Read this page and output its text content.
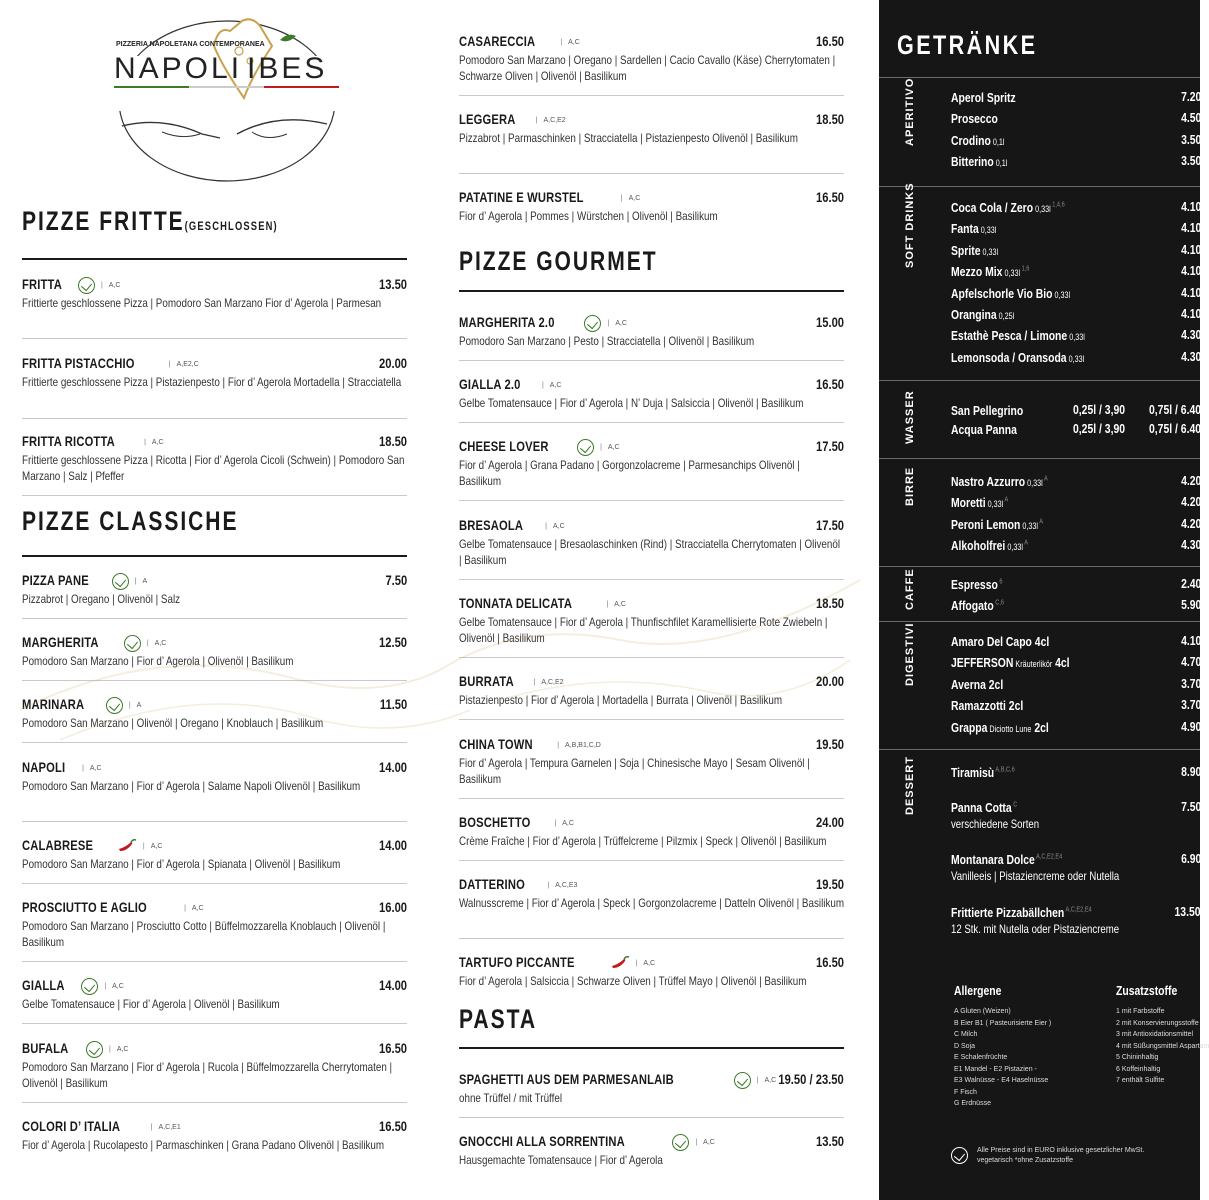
PIZZERIA NAPOLETANA CONTEMPORANEA
NAPOLI IBES
PIZZE FRITTE(GESCHLOSSEN)
FRITTA	| A,C	13.50
Frittierte geschlossene Pizza | Pomodoro San Marzano Fior d’ Agerola | Parmesan
FRITTA PISTACCHIO	| A,E2,C	20.00
Frittierte geschlossene Pizza | Pistazienpesto | Fior d’ Agerola Mortadella | Stracciatella
FRITTA RICOTTA	| A,C	18.50
Frittierte geschlossene Pizza | Ricotta | Fior d’ Agerola Cicoli (Schwein) | Pomodoro San Marzano | Salz | Pfeffer
PIZZE CLASSICHE
PIZZA PANE	| A	7.50
Pizzabrot | Oregano | Olivenöl | Salz
MARGHERITA	| A,C	12.50
Pomodoro San Marzano | Fior d’ Agerola | Olivenöl | Basilikum
MARINARA	| A	11.50
Pomodoro San Marzano | Olivenöl | Oregano | Knoblauch | Basilikum
NAPOLI	| A,C	14.00
Pomodoro San Marzano | Fior d’ Agerola | Salame Napoli Olivenöl | Basilikum
CALABRESE	| A,C	14.00
Pomodoro San Marzano | Fior d’ Agerola | Spianata | Olivenöl | Basilikum
PROSCIUTTO E AGLIO	| A,C	16.00
Pomodoro San Marzano | Prosciutto Cotto | Büffelmozzarella Knoblauch | Olivenöl | Basilikum
GIALLA	| A,C	14.00
Gelbe Tomatensauce | Fior d’ Agerola | Olivenöl | Basilikum
BUFALA	| A,C	16.50
Pomodoro San Marzano | Fior d’ Agerola | Rucola | Büffelmozzarella Cherrytomaten | Olivenöl | Basilikum
COLORI D’ ITALIA	| A,C,E1	16.50
Fior d’ Agerola | Rucolapesto | Parmaschinken | Grana Padano Olivenöl | Basilikum
CASARECCIA	| A,C	16.50
Pomodoro San Marzano | Oregano | Sardellen | Cacio Cavallo (Käse) Cherrytomaten | Schwarze Oliven | Olivenöl | Basilikum
LEGGERA	| A,C,E2	18.50
Pizzabrot | Parmaschinken | Stracciatella | Pistazienpesto Olivenöl | Basilikum
PATATINE E WURSTEL	| A,C	16.50
Fior d’ Agerola | Pommes | Würstchen | Olivenöl | Basilikum
PIZZE GOURMET
MARGHERITA 2.0	| A,C	15.00
Pomodoro San Marzano | Pesto | Stracciatella | Olivenöl | Basilikum
GIALLA 2.0	| A,C	16.50
Gelbe Tomatensauce | Fior d’ Agerola | N’ Duja | Salsiccia | Olivenöl | Basilikum
CHEESE LOVER	| A,C	17.50
Fior d’ Agerola | Grana Padano | Gorgonzolacreme | Parmesanchips Olivenöl | Basilikum
BRESAOLA	| A,C	17.50
Gelbe Tomatensauce | Bresaolaschinken (Rind) | Stracciatella Cherrytomaten | Olivenöl | Basilikum
TONNATA DELICATA	| A,C	18.50
Gelbe Tomatensauce | Fior d’ Agerola | Thunfischfilet Karamellisierte Rote Zwiebeln | Olivenöl | Basilikum
BURRATA	| A,C,E2	20.00
Pistazienpesto | Fior d’ Agerola | Mortadella | Burrata | Olivenöl | Basilikum
CHINA TOWN	| A,B,B1,C,D	19.50
Fior d’ Agerola | Tempura Garnelen | Soja | Chinesische Mayo | Sesam Olivenöl | Basilikum
BOSCHETTO	| A,C	24.00
Crème Fraîche | Fior d’ Agerola | Trüffelcreme | Pilzmix | Speck | Olivenöl | Basilikum
DATTERINO	| A,C,E3	19.50
Walnusscreme | Fior d’ Agerola | Speck | Gorgonzolacreme | Datteln Olivenöl | Basilikum
TARTUFO PICCANTE	| A,C	16.50
Fior d’ Agerola | Salsiccia | Schwarze Oliven | Trüffel Mayo | Olivenöl | Basilikum
PASTA
SPAGHETTI AUS DEM PARMESANLAIB	| A,C 19.50 / 23.50
ohne Trüffel / mit Trüffel
GNOCCHI ALLA SORRENTINA	| A,C	13.50
Hausgemachte Tomatensauce | Fior d’ Agerola
GETRÄNKE
APERITIVO	Aperol Spritz	7.20
Prosecco	4.50
Crodino 0,1l	3.50
Bitterino 0,1l	3.50
SOFT DRINKS	Coca Cola / Zero 0,33l $^{1,4,6}$	4.10
Fanta 0,33l	4.10
Sprite 0,33l	4.10
Mezzo Mix 0,33l $^{1,6}$	4.10
Apfelschorle Vio Bio 0,33l	4.10
Orangina 0,25l	4.10
Estathè Pesca / Limone 0,33l	4.30
Lemonsoda / Oransoda 0,33l	4.30
WASSER	San Pellegrino	0,25l / 3,90 0,75l / 6.40
Acqua Panna	0,25l / 3,90 0,75l / 6.40
BIRRE	Nastro Azzurro 0,33l $^A$	4.20
Moretti 0,33l $^A$	4.20
Peroni Lemon 0,33l $^A$	4.20
Alkoholfrei 0,33l $^A$	4.30
CAFFE	Espresso $^6$	2.40
Affogato $^{C,6}$	5.90
DIGESTIVI	Amaro Del Capo 4cl	4.10
JEFFERSON Kräuterlikör 4cl	4.70
Averna 2cl	3.70
Ramazzotti 2cl	3.70
Grappa Diciotto Lune 2cl	4.90
DESSERT	Tiramisù $^{A,B,C,6}$	8.90
Panna Cotta $^C$	7.50
verschiedene Sorten
Montanara Dolce $^{A,C,E2,E4}$	6.90
Vanilleeis | Pistaziencreme oder Nutella
Frittierte Pizzabällchen $^{A,C,E2,E4}$	13.50
12 Stk. mit Nutella oder Pistaziencreme
Allergene
A Gluten (Weizen)
B Eier B1 ( Pasteurisierte Eier )
C Milch
D Soja
E Schalenfrüchte
E1 Mandel - E2 Pistazien -
E3 Walnüsse - E4 Haselnüsse
F Fisch
G Erdnüsse
Zusatzstoffe
1 mit Farbstoffe
2 mit Konservierungsstoffe
3 mit Antioxidationsmittel
4 mit Süßungsmittel Aspartam
5 Chininhaltig
6 Koffeinhaltig
7 enthält Sulfite
Alle Preise sind in EURO inklusive gesetzlicher MwSt.
vegetarisch *ohne Zusatzstoffe
